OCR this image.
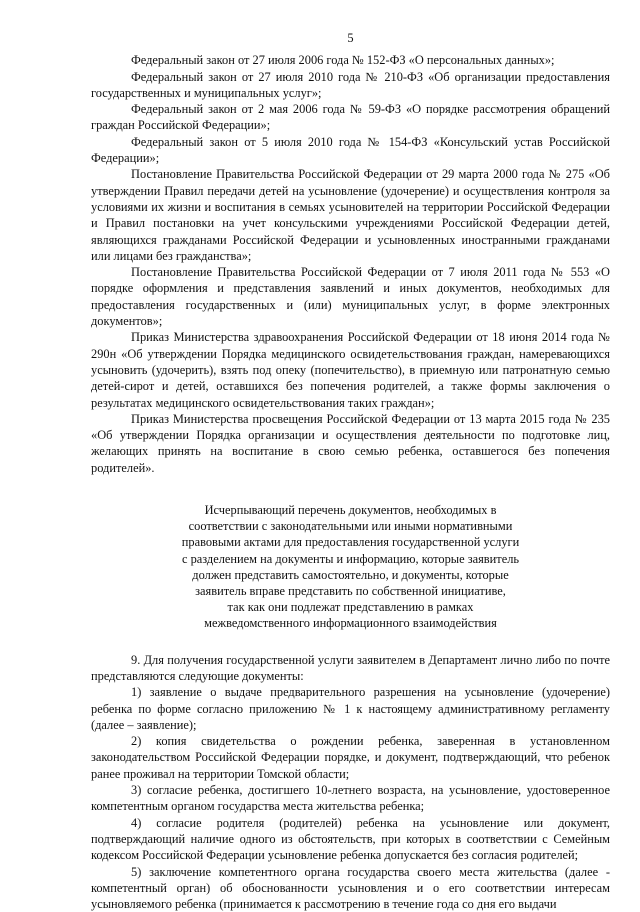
5

Федеральный закон от 27 июля 2006 года № 152-ФЗ «О персональных данных»;

Федеральный закон от 27 июля 2010 года № 210-ФЗ «Об организации предоставления государственных и муниципальных услуг»;

Федеральный закон от 2 мая 2006 года № 59-ФЗ «О порядке рассмотрения обращений граждан Российской Федерации»;

Федеральный закон от 5 июля 2010 года № 154-ФЗ «Консульский устав Российской Федерации»;

Постановление Правительства Российской Федерации от 29 марта 2000 года № 275 «Об утверждении Правил передачи детей на усыновление (удочерение) и осуществления контроля за условиями их жизни и воспитания в семьях усыновителей на территории Российской Федерации и Правил постановки на учет консульскими учреждениями Российской Федерации детей, являющихся гражданами Российской Федерации и усыновленных иностранными гражданами или лицами без гражданства»;

Постановление Правительства Российской Федерации от 7 июля 2011 года № 553 «О порядке оформления и представления заявлений и иных документов, необходимых для предоставления государственных и (или) муниципальных услуг, в форме электронных документов»;

Приказ Министерства здравоохранения Российской Федерации от 18 июня 2014 года № 290н «Об утверждении Порядка медицинского освидетельствования граждан, намеревающихся усыновить (удочерить), взять под опеку (попечительство), в приемную или патронатную семью детей-сирот и детей, оставшихся без попечения родителей, а также формы заключения о результатах медицинского освидетельствования таких граждан»;

Приказ Министерства просвещения Российской Федерации от 13 марта 2015 года № 235 «Об утверждении Порядка организации и осуществления деятельности по подготовке лиц, желающих принять на воспитание в свою семью ребенка, оставшегося без попечения родителей».

Исчерпывающий перечень документов, необходимых в
соответствии с законодательными или иными нормативными
правовыми актами для предоставления государственной услуги
с разделением на документы и информацию, которые заявитель
должен представить самостоятельно, и документы, которые
заявитель вправе представить по собственной инициативе,
так как они подлежат представлению в рамках
межведомственного информационного взаимодействия

9. Для получения государственной услуги заявителем в Департамент лично либо по почте представляются следующие документы:

1) заявление о выдаче предварительного разрешения на усыновление (удочерение) ребенка по форме согласно приложению № 1 к настоящему административному регламенту (далее – заявление);

2) копия свидетельства о рождении ребенка, заверенная в установленном законодательством Российской Федерации порядке, и документ, подтверждающий, что ребенок ранее проживал на территории Томской области;

3) согласие ребенка, достигшего 10-летнего возраста, на усыновление, удостоверенное компетентным органом государства места жительства ребенка;

4) согласие родителя (родителей) ребенка на усыновление или документ, подтверждающий наличие одного из обстоятельств, при которых в соответствии с Семейным кодексом Российской Федерации усыновление ребенка допускается без согласия родителей;

5) заключение компетентного органа государства своего места жительства (далее - компетентный орган) об обоснованности усыновления и о его соответствии интересам усыновляемого ребенка (принимается к рассмотрению в течение года со дня его выдачи
